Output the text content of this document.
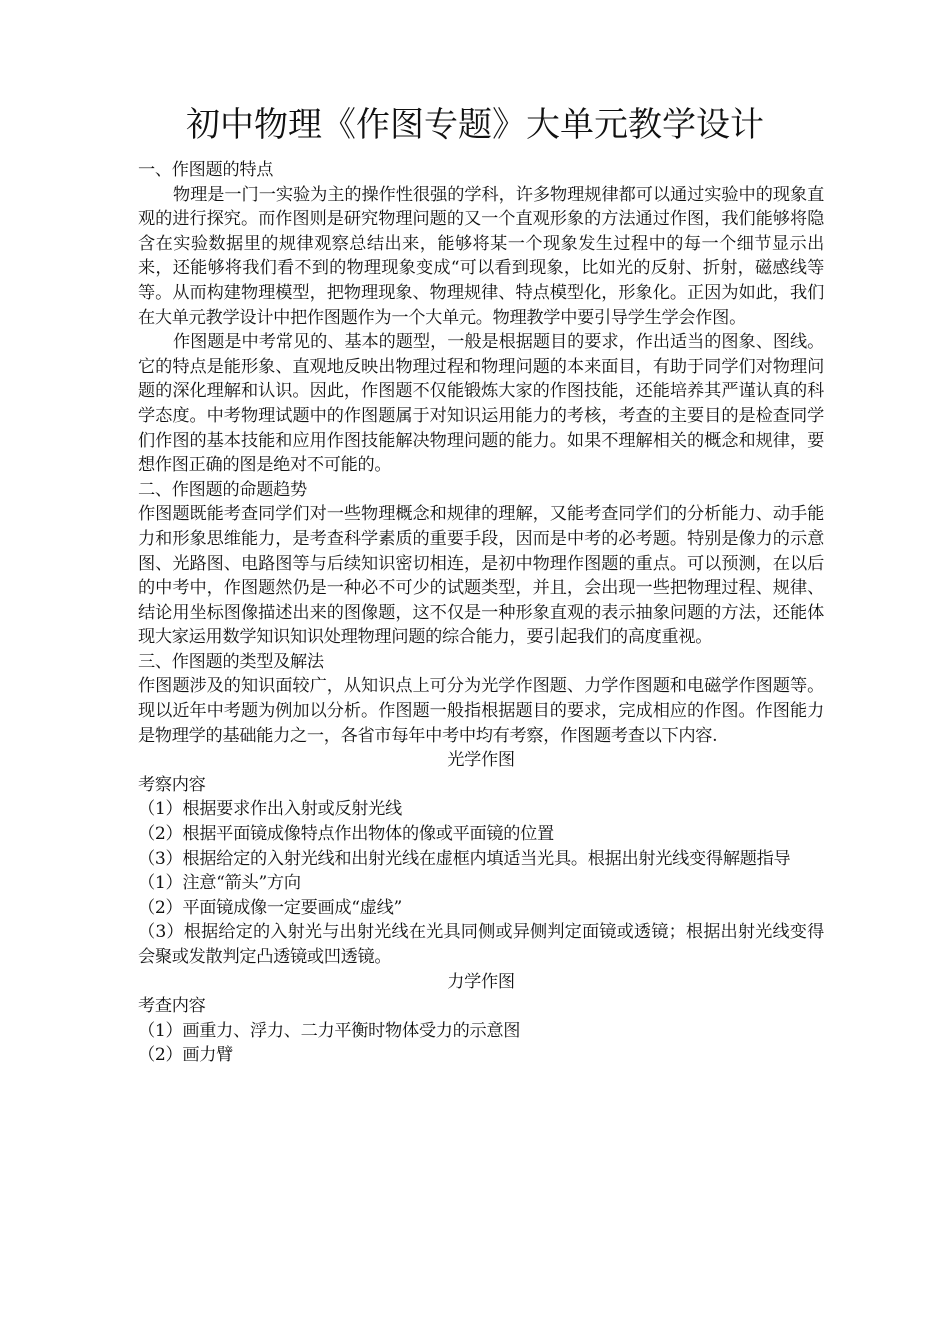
初中物理《作图专题》大单元教学设计

一、作图题的特点

物理是一门一实验为主的操作性很强的学科，许多物理规律都可以通过实验中的现象直观的进行探究。而作图则是研究物理问题的又一个直观形象的方法通过作图，我们能够将隐含在实验数据里的规律观察总结出来，能够将某一个现象发生过程中的每一个细节显示出来，还能够将我们看不到的物理现象变成“可以看到现象，比如光的反射、折射，磁感线等等。从而构建物理模型，把物理现象、物理规律、特点模型化，形象化。正因为如此，我们在大单元教学设计中把作图题作为一个大单元。物理教学中要引导学生学会作图。

作图题是中考常见的、基本的题型，一般是根据题目的要求，作出适当的图象、图线。它的特点是能形象、直观地反映出物理过程和物理问题的本来面目，有助于同学们对物理问题的深化理解和认识。因此，作图题不仅能锻炼大家的作图技能，还能培养其严谨认真的科学态度。中考物理试题中的作图题属于对知识运用能力的考核，考查的主要目的是检查同学们作图的基本技能和应用作图技能解决物理问题的能力。如果不理解相关的概念和规律，要想作图正确的图是绝对不可能的。

二、作图题的命题趋势

作图题既能考查同学们对一些物理概念和规律的理解，又能考查同学们的分析能力、动手能力和形象思维能力，是考查科学素质的重要手段，因而是中考的必考题。特别是像力的示意图、光路图、电路图等与后续知识密切相连，是初中物理作图题的重点。可以预测，在以后的中考中，作图题然仍是一种必不可少的试题类型，并且，会出现一些把物理过程、规律、结论用坐标图像描述出来的图像题，这不仅是一种形象直观的表示抽象问题的方法，还能体现大家运用数学知识知识处理物理问题的综合能力，要引起我们的高度重视。

三、作图题的类型及解法

作图题涉及的知识面较广，从知识点上可分为光学作图题、力学作图题和电磁学作图题等。现以近年中考题为例加以分析。作图题一般指根据题目的要求，完成相应的作图。作图能力是物理学的基础能力之一，各省市每年中考中均有考察，作图题考查以下内容.

光学作图

考察内容

（1）根据要求作出入射或反射光线

（2）根据平面镜成像特点作出物体的像或平面镜的位置

（3）根据给定的入射光线和出射光线在虚框内填适当光具。根据出射光线变得解题指导

（1）注意“箭头”方向

（2）平面镜成像一定要画成“虚线”

（3）根据给定的入射光与出射光线在光具同侧或异侧判定面镜或透镜；根据出射光线变得会聚或发散判定凸透镜或凹透镜。

力学作图

考查内容

（1）画重力、浮力、二力平衡时物体受力的示意图

（2）画力臂
